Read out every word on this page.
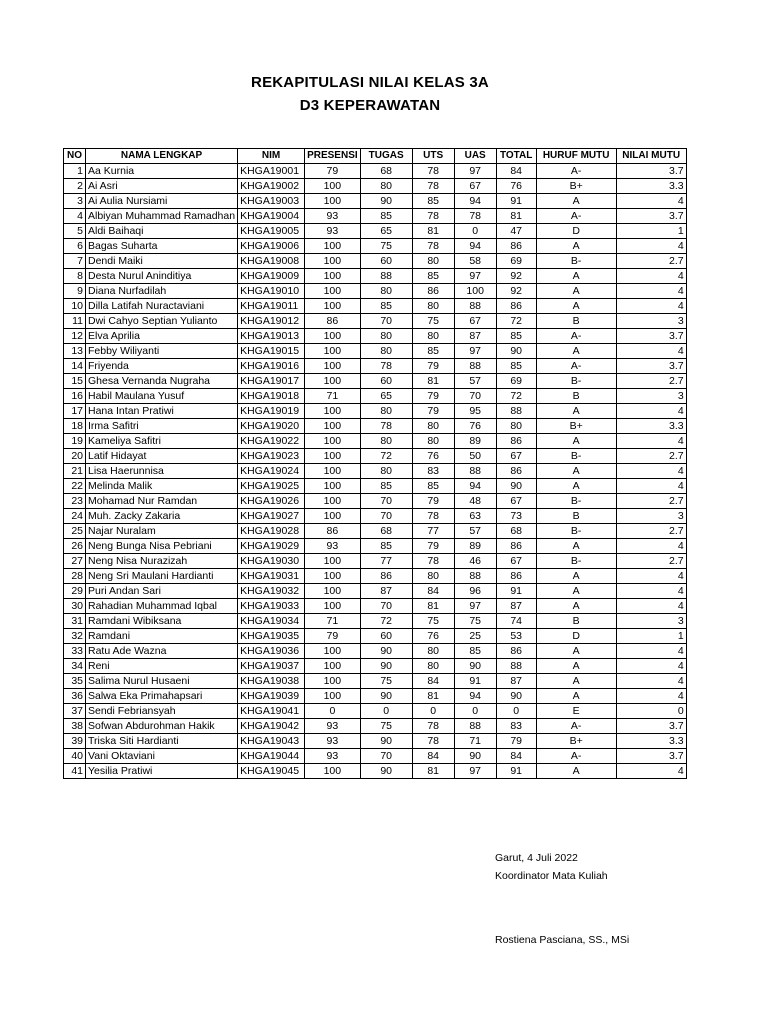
REKAPITULASI NILAI KELAS 3A
D3 KEPERAWATAN
NO	NAMA LENGKAP	NIM	PRESENSI	TUGAS	UTS	UAS	TOTAL	HURUF MUTU	NILAI MUTU
1	Aa Kurnia	KHGA19001	79	68	78	97	84	A-	3.7
2	Ai Asri	KHGA19002	100	80	78	67	76	B+	3.3
3	Ai Aulia Nursiami	KHGA19003	100	90	85	94	91	A	4
4	Albiyan Muhammad Ramadhan	KHGA19004	93	85	78	78	81	A-	3.7
5	Aldi Baihaqi	KHGA19005	93	65	81	0	47	D	1
6	Bagas Suharta	KHGA19006	100	75	78	94	86	A	4
7	Dendi Maiki	KHGA19008	100	60	80	58	69	B-	2.7
8	Desta Nurul Aninditiya	KHGA19009	100	88	85	97	92	A	4
9	Diana Nurfadilah	KHGA19010	100	80	86	100	92	A	4
10	Dilla Latifah Nuractaviani	KHGA19011	100	85	80	88	86	A	4
11	Dwi Cahyo Septian Yulianto	KHGA19012	86	70	75	67	72	B	3
12	Elva Aprilia	KHGA19013	100	80	80	87	85	A-	3.7
13	Febby Wiliyanti	KHGA19015	100	80	85	97	90	A	4
14	Friyenda	KHGA19016	100	78	79	88	85	A-	3.7
15	Ghesa Vernanda Nugraha	KHGA19017	100	60	81	57	69	B-	2.7
16	Habil Maulana Yusuf	KHGA19018	71	65	79	70	72	B	3
17	Hana Intan Pratiwi	KHGA19019	100	80	79	95	88	A	4
18	Irma Safitri	KHGA19020	100	78	80	76	80	B+	3.3
19	Kameliya Safitri	KHGA19022	100	80	80	89	86	A	4
20	Latif Hidayat	KHGA19023	100	72	76	50	67	B-	2.7
21	Lisa Haerunnisa	KHGA19024	100	80	83	88	86	A	4
22	Melinda Malik	KHGA19025	100	85	85	94	90	A	4
23	Mohamad Nur Ramdan	KHGA19026	100	70	79	48	67	B-	2.7
24	Muh. Zacky Zakaria	KHGA19027	100	70	78	63	73	B	3
25	Najar Nuralam	KHGA19028	86	68	77	57	68	B-	2.7
26	Neng Bunga Nisa Pebriani	KHGA19029	93	85	79	89	86	A	4
27	Neng Nisa Nurazizah	KHGA19030	100	77	78	46	67	B-	2.7
28	Neng Sri Maulani Hardianti	KHGA19031	100	86	80	88	86	A	4
29	Puri Andan Sari	KHGA19032	100	87	84	96	91	A	4
30	Rahadian Muhammad Iqbal	KHGA19033	100	70	81	97	87	A	4
31	Ramdani Wibiksana	KHGA19034	71	72	75	75	74	B	3
32	Ramdani	KHGA19035	79	60	76	25	53	D	1
33	Ratu Ade Wazna	KHGA19036	100	90	80	85	86	A	4
34	Reni	KHGA19037	100	90	80	90	88	A	4
35	Salima Nurul Husaeni	KHGA19038	100	75	84	91	87	A	4
36	Salwa Eka Primahapsari	KHGA19039	100	90	81	94	90	A	4
37	Sendi Febriansyah	KHGA19041	0	0	0	0	0	E	0
38	Sofwan Abdurohman Hakik	KHGA19042	93	75	78	88	83	A-	3.7
39	Triska Siti Hardianti	KHGA19043	93	90	78	71	79	B+	3.3
40	Vani Oktaviani	KHGA19044	93	70	84	90	84	A-	3.7
41	Yesilia Pratiwi	KHGA19045	100	90	81	97	91	A	4
Garut, 4 Juli 2022
Koordinator Mata Kuliah
Rostiena Pasciana, SS., MSi
